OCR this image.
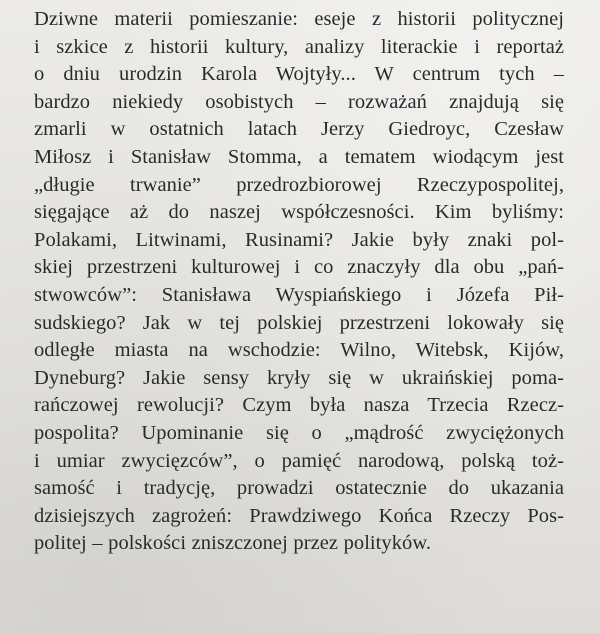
Dziwne materii pomieszanie: eseje z historii politycznej
i szkice z historii kultury, analizy literackie i reportaż
o dniu urodzin Karola Wojtyły... W centrum tych –
bardzo niekiedy osobistych – rozważań znajdują się
zmarli w ostatnich latach Jerzy Giedroyc, Czesław
Miłosz i Stanisław Stomma, a tematem wiodącym jest
„długie trwanie” przedrozbiorowej Rzeczypospolitej,
sięgające aż do naszej współczesności. Kim byliśmy:
Polakami, Litwinami, Rusinami? Jakie były znaki pol-
skiej przestrzeni kulturowej i co znaczyły dla obu „pań-
stwowców”: Stanisława Wyspiańskiego i Józefa Pił-
sudskiego? Jak w tej polskiej przestrzeni lokowały się
odległe miasta na wschodzie: Wilno, Witebsk, Kijów,
Dyneburg? Jakie sensy kryły się w ukraińskiej poma-
rańczowej rewolucji? Czym była nasza Trzecia Rzecz-
pospolita? Upominanie się o „mądrość zwyciężonych
i umiar zwycięzców”, o pamięć narodową, polską toż-
samość i tradycję, prowadzi ostatecznie do ukazania
dzisiejszych zagrożeń: Prawdziwego Końca Rzeczy Pos-
politej – polskości zniszczonej przez polityków.
